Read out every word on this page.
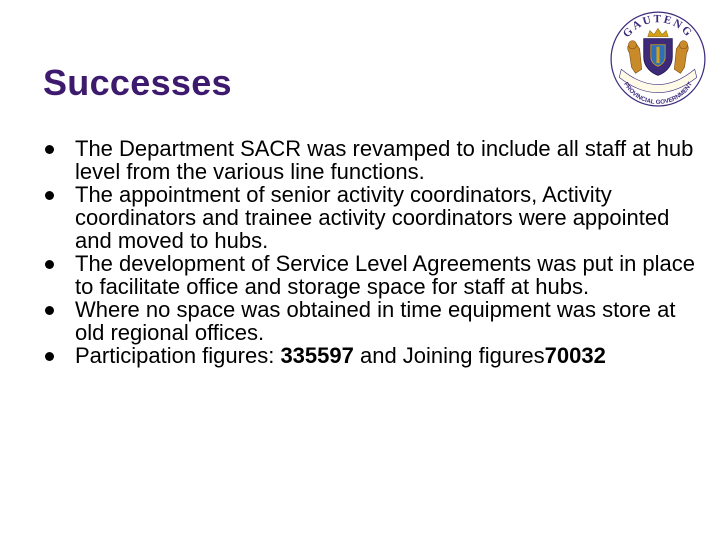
Successes
GAUTENG
PROVINCIAL GOVERNMENT
The Department SACR was revamped to include all staff at hub level from the various line functions.
The appointment of senior activity coordinators, Activity coordinators and trainee activity coordinators were appointed and moved to hubs.
The development of Service Level Agreements was put in place to facilitate office and storage space for staff at hubs.
Where no space was obtained in time equipment was store at old regional offices.
Participation figures: 335597 and Joining figures70032
